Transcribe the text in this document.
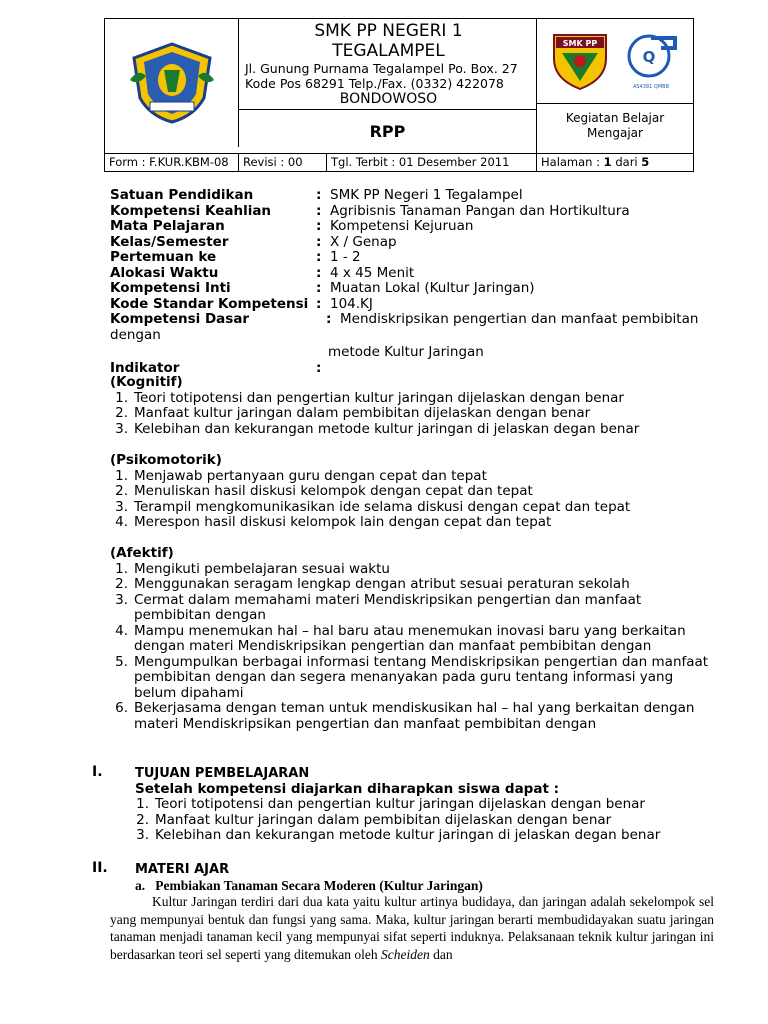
SMK PP NEGERI 1
TEGALAMPEL
Jl. Gunung Purnama Tegalampel Po. Box. 27
Kode Pos 68291 Telp./Fax. (0332) 422078
BONDOWOSO
RPP
SMK PP
Q
AS4381 QMBB
Kegiatan Belajar Mengajar
Form : F.KUR.KBM-08	Revisi : 00	Tgl. Terbit : 01 Desember 2011	Halaman : 1 dari 5
Satuan Pendidikan	: SMK PP Negeri 1 Tegalampel
Kompetensi Keahlian	: Agribisnis Tanaman Pangan dan Hortikultura
Mata Pelajaran	: Kompetensi Kejuruan
Kelas/Semester	: X / Genap
Pertemuan ke	: 1 - 2
Alokasi Waktu	: 4 x 45 Menit
Kompetensi Inti	: Muatan Lokal (Kultur Jaringan)
Kode Standar Kompetensi : 104.KJ
Kompetensi Dasar	: Mendiskripsikan pengertian dan manfaat pembibitan
dengan
metode Kultur Jaringan
Indikator	:
(Kognitif)
1. Teori totipotensi dan pengertian kultur jaringan dijelaskan dengan benar
2. Manfaat kultur jaringan dalam pembibitan dijelaskan dengan benar
3. Kelebihan dan kekurangan metode kultur jaringan di jelaskan degan benar
(Psikomotorik)
1. Menjawab pertanyaan guru dengan cepat dan tepat
2. Menuliskan hasil diskusi kelompok dengan cepat dan tepat
3. Terampil mengkomunikasikan ide selama diskusi dengan cepat dan tepat
4. Merespon hasil diskusi kelompok lain dengan cepat dan tepat
(Afektif)
1. Mengikuti pembelajaran sesuai waktu
2. Menggunakan seragam lengkap dengan atribut sesuai peraturan sekolah
3. Cermat dalam memahami materi Mendiskripsikan pengertian dan manfaat pembibitan dengan
4. Mampu menemukan hal – hal baru atau menemukan inovasi baru yang berkaitan dengan materi Mendiskripsikan pengertian dan manfaat pembibitan dengan
5. Mengumpulkan berbagai informasi tentang Mendiskripsikan pengertian dan manfaat pembibitan dengan dan segera menanyakan pada guru tentang informasi yang belum dipahami
6. Bekerjasama dengan teman untuk mendiskusikan hal – hal yang berkaitan dengan materi Mendiskripsikan pengertian dan manfaat pembibitan dengan
I. TUJUAN PEMBELAJARAN
Setelah kompetensi diajarkan diharapkan siswa dapat :
1. Teori totipotensi dan pengertian kultur jaringan dijelaskan dengan benar
2. Manfaat kultur jaringan dalam pembibitan dijelaskan dengan benar
3. Kelebihan dan kekurangan metode kultur jaringan di jelaskan degan benar
II. MATERI AJAR
a. Pembiakan Tanaman Secara Moderen (Kultur Jaringan)
Kultur Jaringan terdiri dari dua kata yaitu kultur artinya budidaya, dan jaringan adalah sekelompok sel yang mempunyai bentuk dan fungsi yang sama. Maka, kultur jaringan berarti membudidayakan suatu jaringan tanaman menjadi tanaman kecil yang mempunyai sifat seperti induknya. Pelaksanaan teknik kultur jaringan ini berdasarkan teori sel seperti yang ditemukan oleh Scheiden dan
